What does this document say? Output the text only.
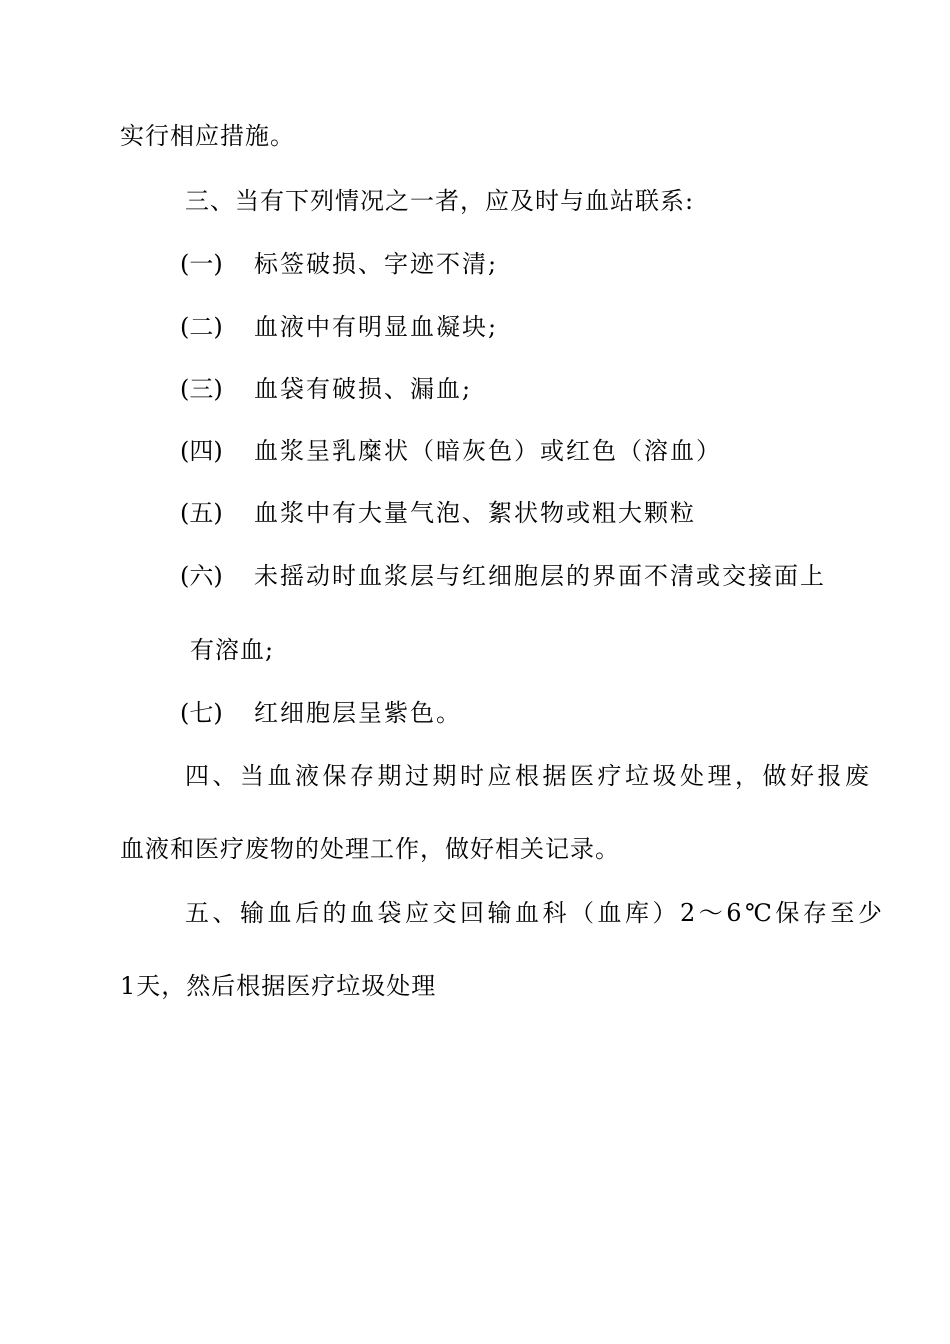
实行相应措施。
三、当有下列情况之一者，应及时与血站联系:
(一) 标签破损、字迹不清;
(二) 血液中有明显血凝块;
(三) 血袋有破损、漏血;
(四) 血浆呈乳糜状（暗灰色）或红色（溶血）
(五) 血浆中有大量气泡、絮状物或粗大颗粒
(六) 未摇动时血浆层与红细胞层的界面不清或交接面上
有溶血;
(七) 红细胞层呈紫色。
四、当血液保存期过期时应根据医疗垃圾处理，做好报废
血液和医疗废物的处理工作，做好相关记录。
五、输血后的血袋应交回输血科（血库）2～6℃保存至少
1天，然后根据医疗垃圾处理
